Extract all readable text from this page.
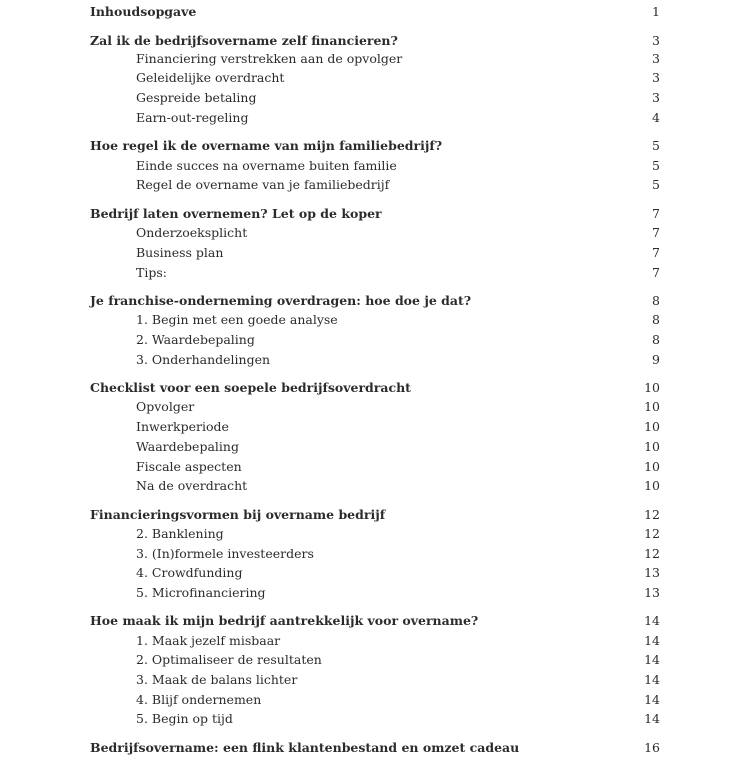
Inhoudsopgave	1
Zal ik de bedrijfsovername zelf financieren?	3
Financiering verstrekken aan de opvolger	3
Geleidelijke overdracht	3
Gespreide betaling	3
Earn-out-regeling	4
Hoe regel ik de overname van mijn familiebedrijf?	5
Einde succes na overname buiten familie	5
Regel de overname van je familiebedrijf	5
Bedrijf laten overnemen? Let op de koper	7
Onderzoeksplicht	7
Business plan	7
Tips:	7
Je franchise-onderneming overdragen: hoe doe je dat?	8
1. Begin met een goede analyse	8
2. Waardebepaling	8
3. Onderhandelingen	9
Checklist voor een soepele bedrijfsoverdracht	10
Opvolger	10
Inwerkperiode	10
Waardebepaling	10
Fiscale aspecten	10
Na de overdracht	10
Financieringsvormen bij overname bedrijf	12
2. Banklening	12
3. (In)formele investeerders	12
4. Crowdfunding	13
5. Microfinanciering	13
Hoe maak ik mijn bedrijf aantrekkelijk voor overname?	14
1. Maak jezelf misbaar	14
2. Optimaliseer de resultaten	14
3. Maak de balans lichter	14
4. Blijf ondernemen	14
5. Begin op tijd	14
Bedrijfsovername: een flink klantenbestand en omzet cadeau	16
